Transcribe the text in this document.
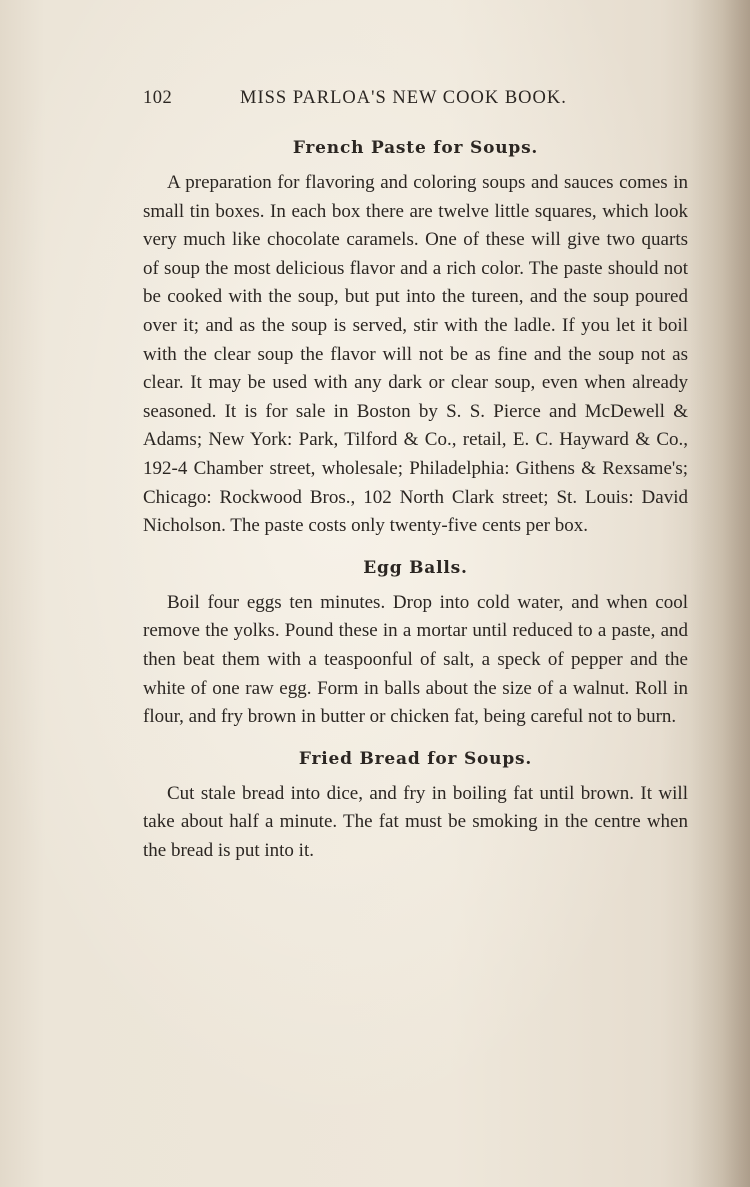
102	MISS PARLOA'S NEW COOK BOOK.
French Paste for Soups.

A preparation for flavoring and coloring soups and sauces comes in small tin boxes. In each box there are twelve little squares, which look very much like chocolate caramels. One of these will give two quarts of soup the most delicious flavor and a rich color. The paste should not be cooked with the soup, but put into the tureen, and the soup poured over it; and as the soup is served, stir with the ladle. If you let it boil with the clear soup the flavor will not be as fine and the soup not as clear. It may be used with any dark or clear soup, even when already seasoned. It is for sale in Boston by S. S. Pierce and McDewell & Adams; New York: Park, Tilford & Co., retail, E. C. Hayward & Co., 192-4 Chamber street, wholesale; Philadelphia: Githens & Rexsame's; Chicago: Rockwood Bros., 102 North Clark street; St. Louis: David Nicholson. The paste costs only twenty-five cents per box.

Egg Balls.

Boil four eggs ten minutes. Drop into cold water, and when cool remove the yolks. Pound these in a mortar until reduced to a paste, and then beat them with a teaspoonful of salt, a speck of pepper and the white of one raw egg. Form in balls about the size of a walnut. Roll in flour, and fry brown in butter or chicken fat, being careful not to burn.

Fried Bread for Soups.

Cut stale bread into dice, and fry in boiling fat until brown. It will take about half a minute. The fat must be smoking in the centre when the bread is put into it.
